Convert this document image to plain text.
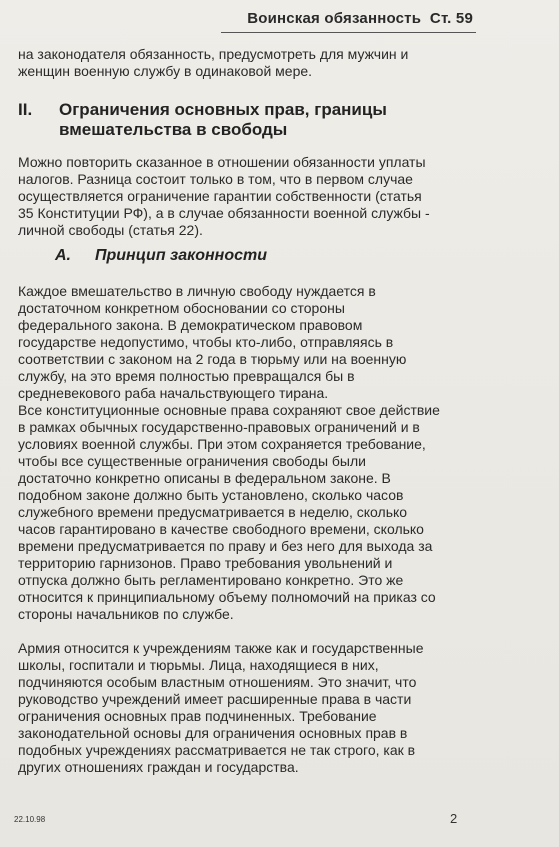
Воинская обязанность Ст. 59
на законодателя обязанность, предусмотреть для мужчин и
женщин военную службу в одинаковой мере.
II. Ограничения основных прав, границы
вмешательства в свободы
Можно повторить сказанное в отношении обязанности уплаты
налогов. Разница состоит только в том, что в первом случае
осуществляется ограничение гарантии собственности (статья
35 Конституции РФ), а в случае обязанности военной службы -
личной свободы (статья 22).
A. Принцип законности
Каждое вмешательство в личную свободу нуждается в
достаточном конкретном обосновании со стороны
федерального закона. В демократическом правовом
государстве недопустимо, чтобы кто-либо, отправляясь в
соответствии с законом на 2 года в тюрьму или на военную
службу, на это время полностью превращался бы в
средневекового раба начальствующего тирана.
Все конституционные основные права сохраняют свое действие
в рамках обычных государственно-правовых ограничений и в
условиях военной службы. При этом сохраняется требование,
чтобы все существенные ограничения свободы были
достаточно конкретно описаны в федеральном законе. В
подобном законе должно быть установлено, сколько часов
служебного времени предусматривается в неделю, сколько
часов гарантировано в качестве свободного времени, сколько
времени предусматривается по праву и без него для выхода за
территорию гарнизонов. Право требования увольнений и
отпуска должно быть регламентировано конкретно. Это же
относится к принципиальному объему полномочий на приказ со
стороны начальников по службе.
Армия относится к учреждениям также как и государственные
школы, госпитали и тюрьмы. Лица, находящиеся в них,
подчиняются особым властным отношениям. Это значит, что
руководство учреждений имеет расширенные права в части
ограничения основных прав подчиненных. Требование
законодательной основы для ограничения основных прав в
подобных учреждениях рассматривается не так строго, как в
других отношениях граждан и государства.
22.10.98	2
